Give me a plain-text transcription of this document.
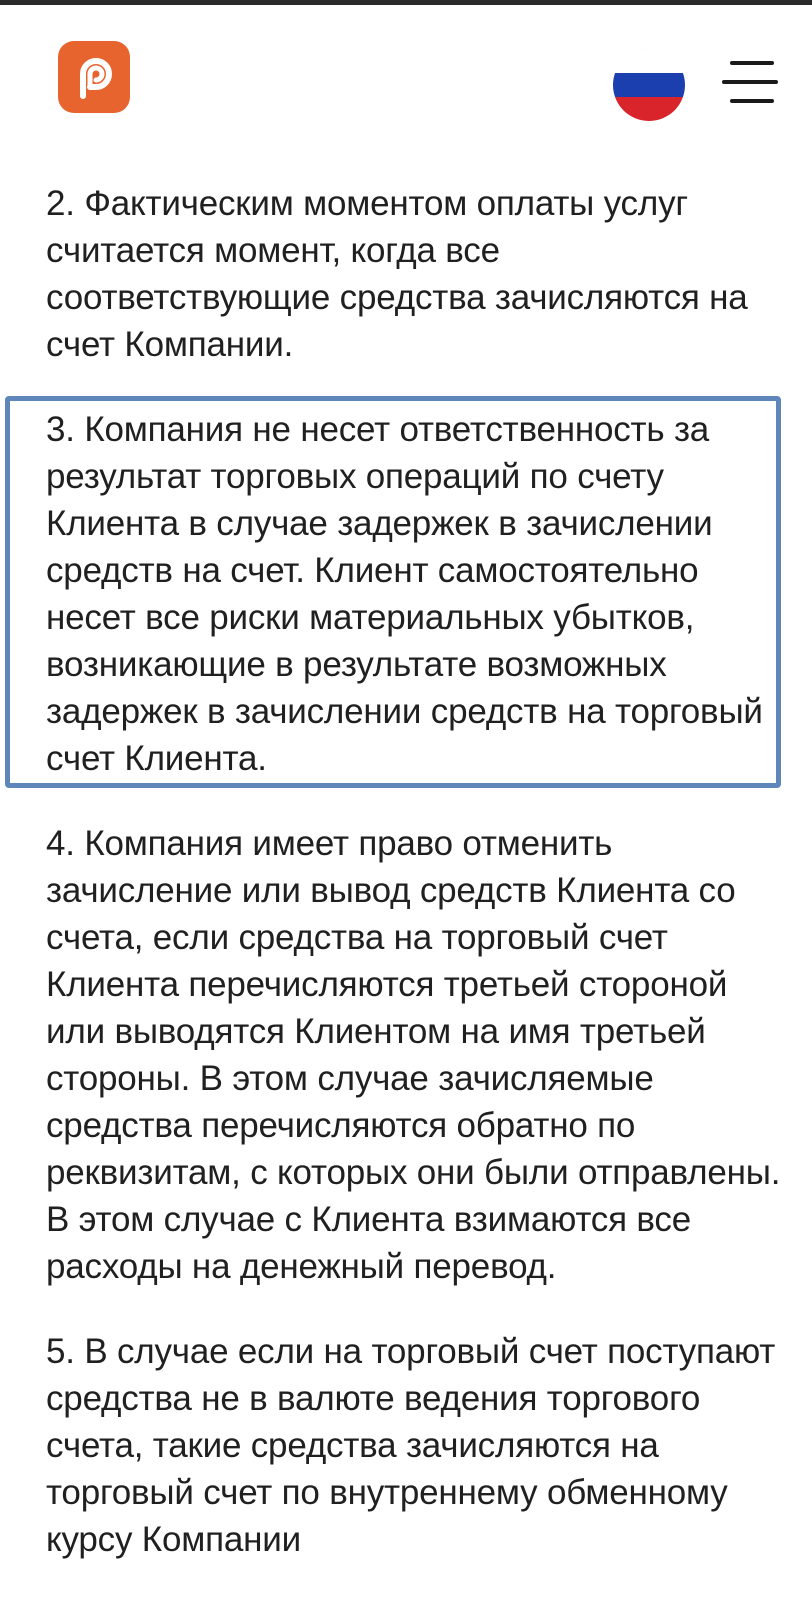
2. Фактическим моментом оплаты услуг считается момент, когда все соответствующие средства зачисляются на счет Компании.

3. Компания не несет ответственность за результат торговых операций по счету Клиента в случае задержек в зачислении средств на счет. Клиент самостоятельно несет все риски материальных убытков, возникающие в результате возможных задержек в зачислении средств на торговый счет Клиента.

4. Компания имеет право отменить зачисление или вывод средств Клиента со счета, если средства на торговый счет Клиента перечисляются третьей стороной или выводятся Клиентом на имя третьей стороны. В этом случае зачисляемые средства перечисляются обратно по реквизитам, с которых они были отправлены. В этом случае с Клиента взимаются все расходы на денежный перевод.

5. В случае если на торговый счет поступают средства не в валюте ведения торгового счета, такие средства зачисляются на торговый счет по внутреннему обменному курсу Компании
